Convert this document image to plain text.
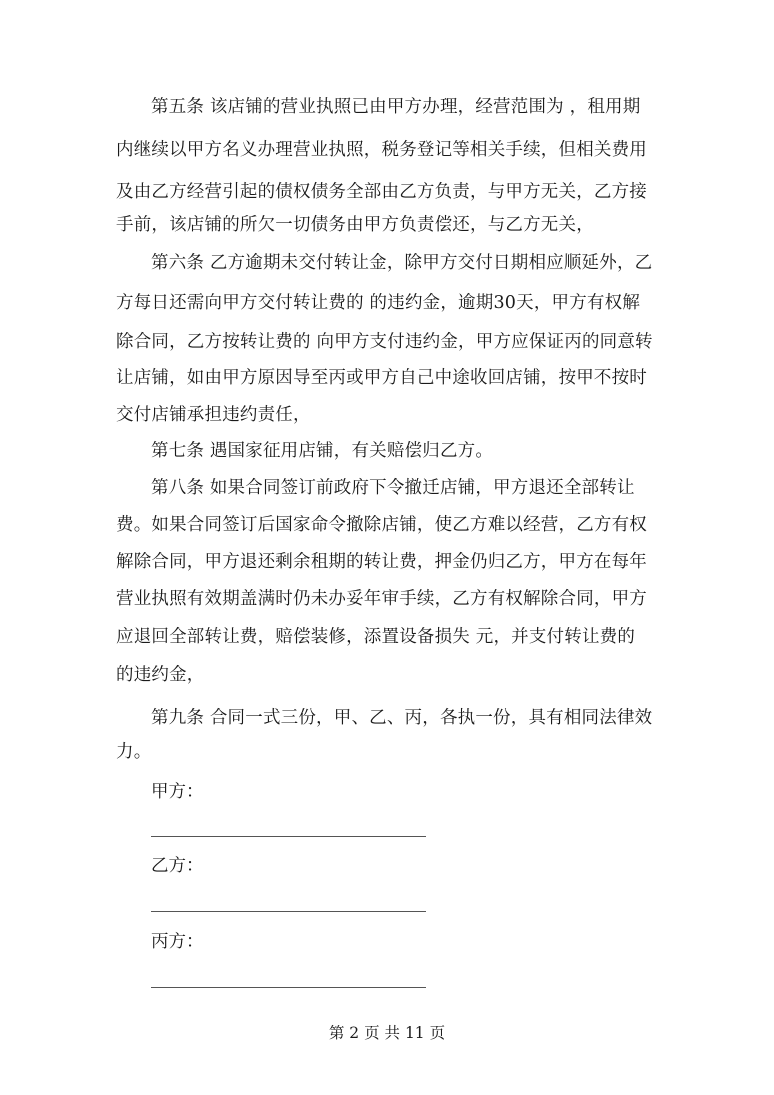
第五条 该店铺的营业执照已由甲方办理，经营范围为 ，租用期
内继续以甲方名义办理营业执照，税务登记等相关手续，但相关费用
及由乙方经营引起的债权债务全部由乙方负责，与甲方无关，乙方接
手前，该店铺的所欠一切债务由甲方负责偿还，与乙方无关，
第六条 乙方逾期未交付转让金，除甲方交付日期相应顺延外，乙
方每日还需向甲方交付转让费的 的违约金，逾期30天，甲方有权解
除合同，乙方按转让费的 向甲方支付违约金，甲方应保证丙的同意转
让店铺，如由甲方原因导至丙或甲方自己中途收回店铺，按甲不按时
交付店铺承担违约责任，
第七条 遇国家征用店铺，有关赔偿归乙方。
第八条 如果合同签订前政府下令撤迁店铺，甲方退还全部转让
费。如果合同签订后国家命令撤除店铺，使乙方难以经营，乙方有权
解除合同，甲方退还剩余租期的转让费，押金仍归乙方，甲方在每年
营业执照有效期盖满时仍未办妥年审手续，乙方有权解除合同，甲方
应退回全部转让费，赔偿装修，添置设备损失 元，并支付转让费的
的违约金，
第九条 合同一式三份，甲、乙、丙，各执一份，具有相同法律效
力。
甲方：
乙方：
丙方：
第 2 页 共 11 页
